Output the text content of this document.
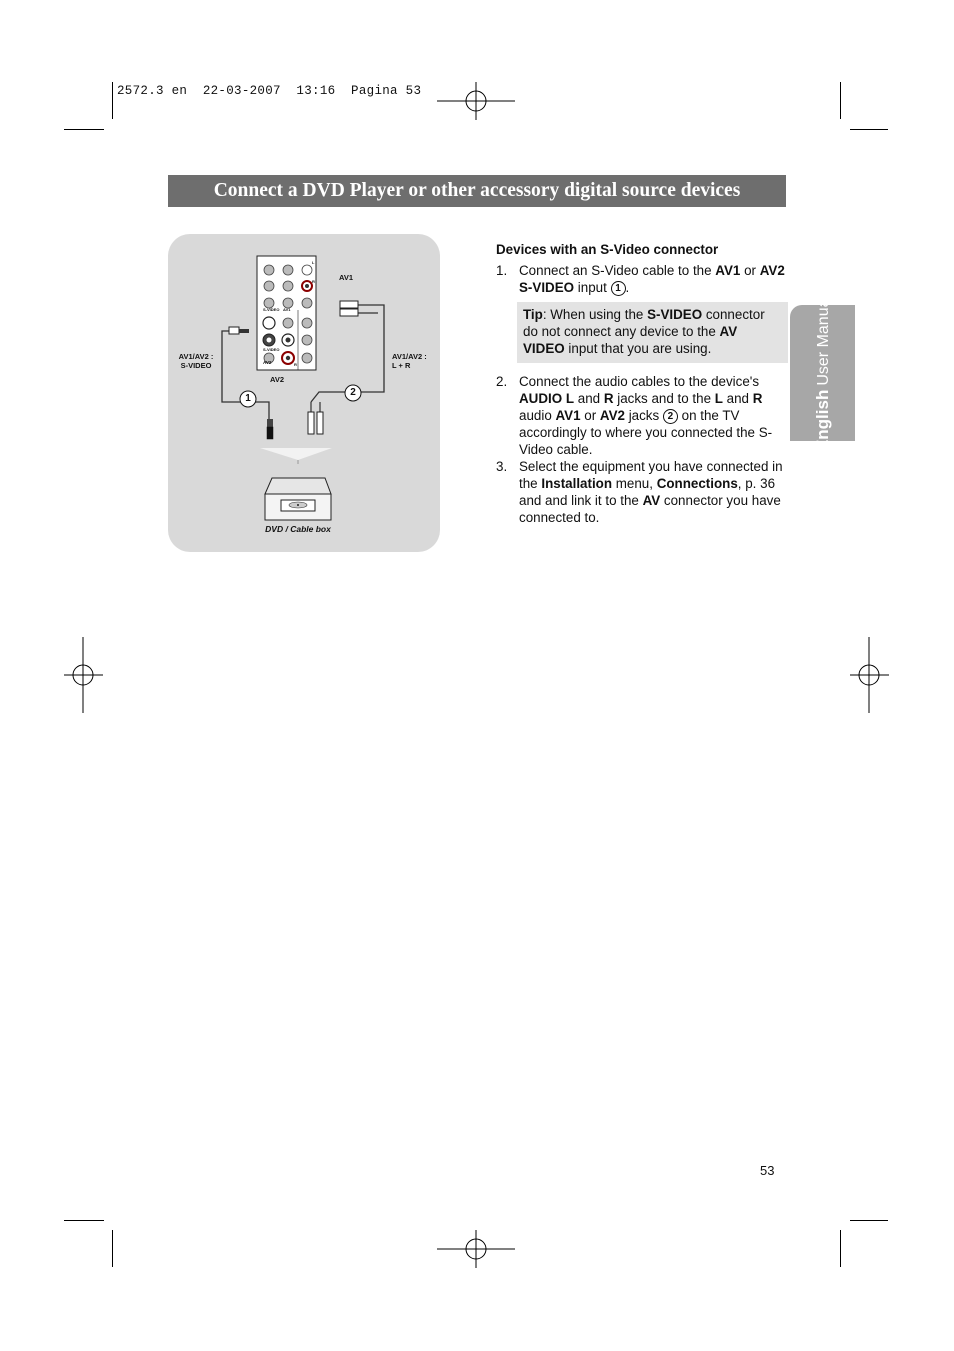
2572.3 en  22-03-2007  13:16  Pagina 53
Connect a DVD Player or other accessory digital source devices
EnglishUser Manual
S-VIDEO AV1
S-VIDEO
AV2
L
R
R
AV1
AV2
AV1/AV2 :
S-VIDEO
AV1/AV2 :
L + R
1
2
DVD / Cable box
Devices with an S-Video connector

1. Connect an S-Video cable to the AV1 or AV2 S-VIDEO input 1 .

Tip: When using the S-VIDEO connector do not connect any device to the AV VIDEO input that you are using.

2. Connect the audio cables to the device's AUDIO L and R jacks and to the L and R audio AV1 or AV2 jacks 2 on the TV accordingly to where you connected the S-Video cable.

3. Select the equipment you have connected in the Installation menu, Connections, p. 36 and and link it to the AV connector you have connected to.

53
